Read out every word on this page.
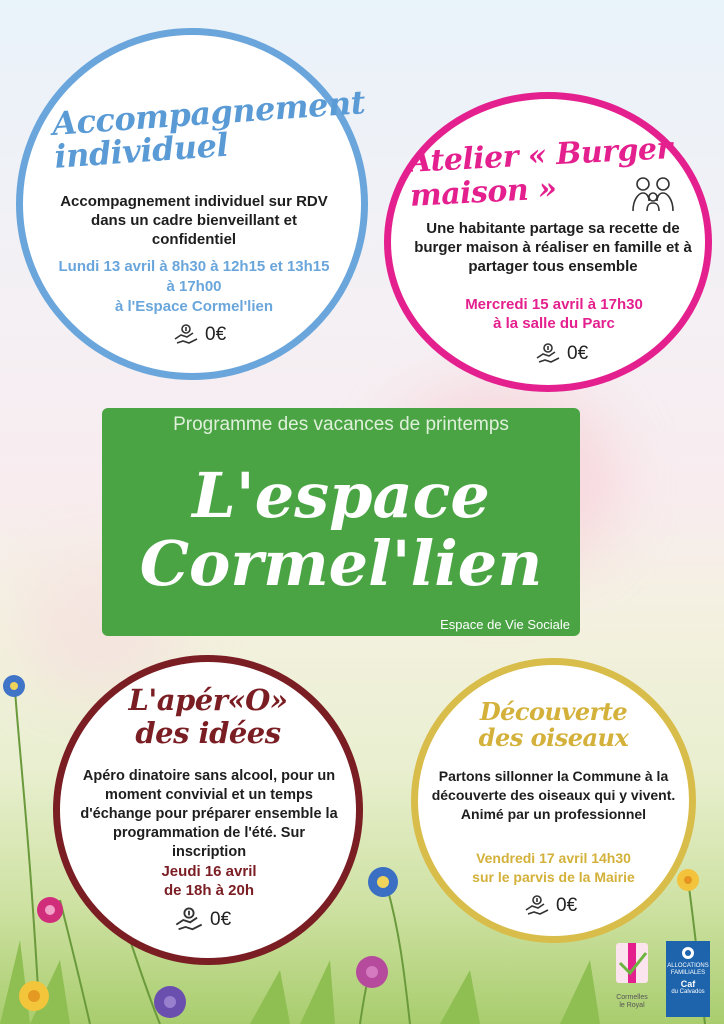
Accompagnement individuel
Accompagnement individuel sur RDV dans un cadre bienveillant et confidentiel
Lundi 13 avril à 8h30 à 12h15 et 13h15 à 17h00
à l'Espace Cormel'lien
0€
Atelier « Burger
maison »
Une habitante partage sa recette de burger maison à réaliser en famille et à partager tous ensemble
Mercredi 15 avril à 17h30
à la salle du Parc
0€
Programme des vacances de printemps
L'espace
Cormel'lien
Espace de Vie Sociale
L'apér«O»
des idées
Apéro dinatoire sans alcool, pour un moment convivial et un temps d'échange pour préparer ensemble la programmation de l'été. Sur inscription
Jeudi 16 avril
de 18h à 20h
0€
Découverte
des oiseaux
Partons sillonner la Commune à la découverte des oiseaux qui y vivent.
Animé par un professionnel
Vendredi 17 avril 14h30
sur le parvis de la Mairie
0€
Cormelles
le Royal
ALLOCATIONS
FAMILIALES
Caf
du Calvados
